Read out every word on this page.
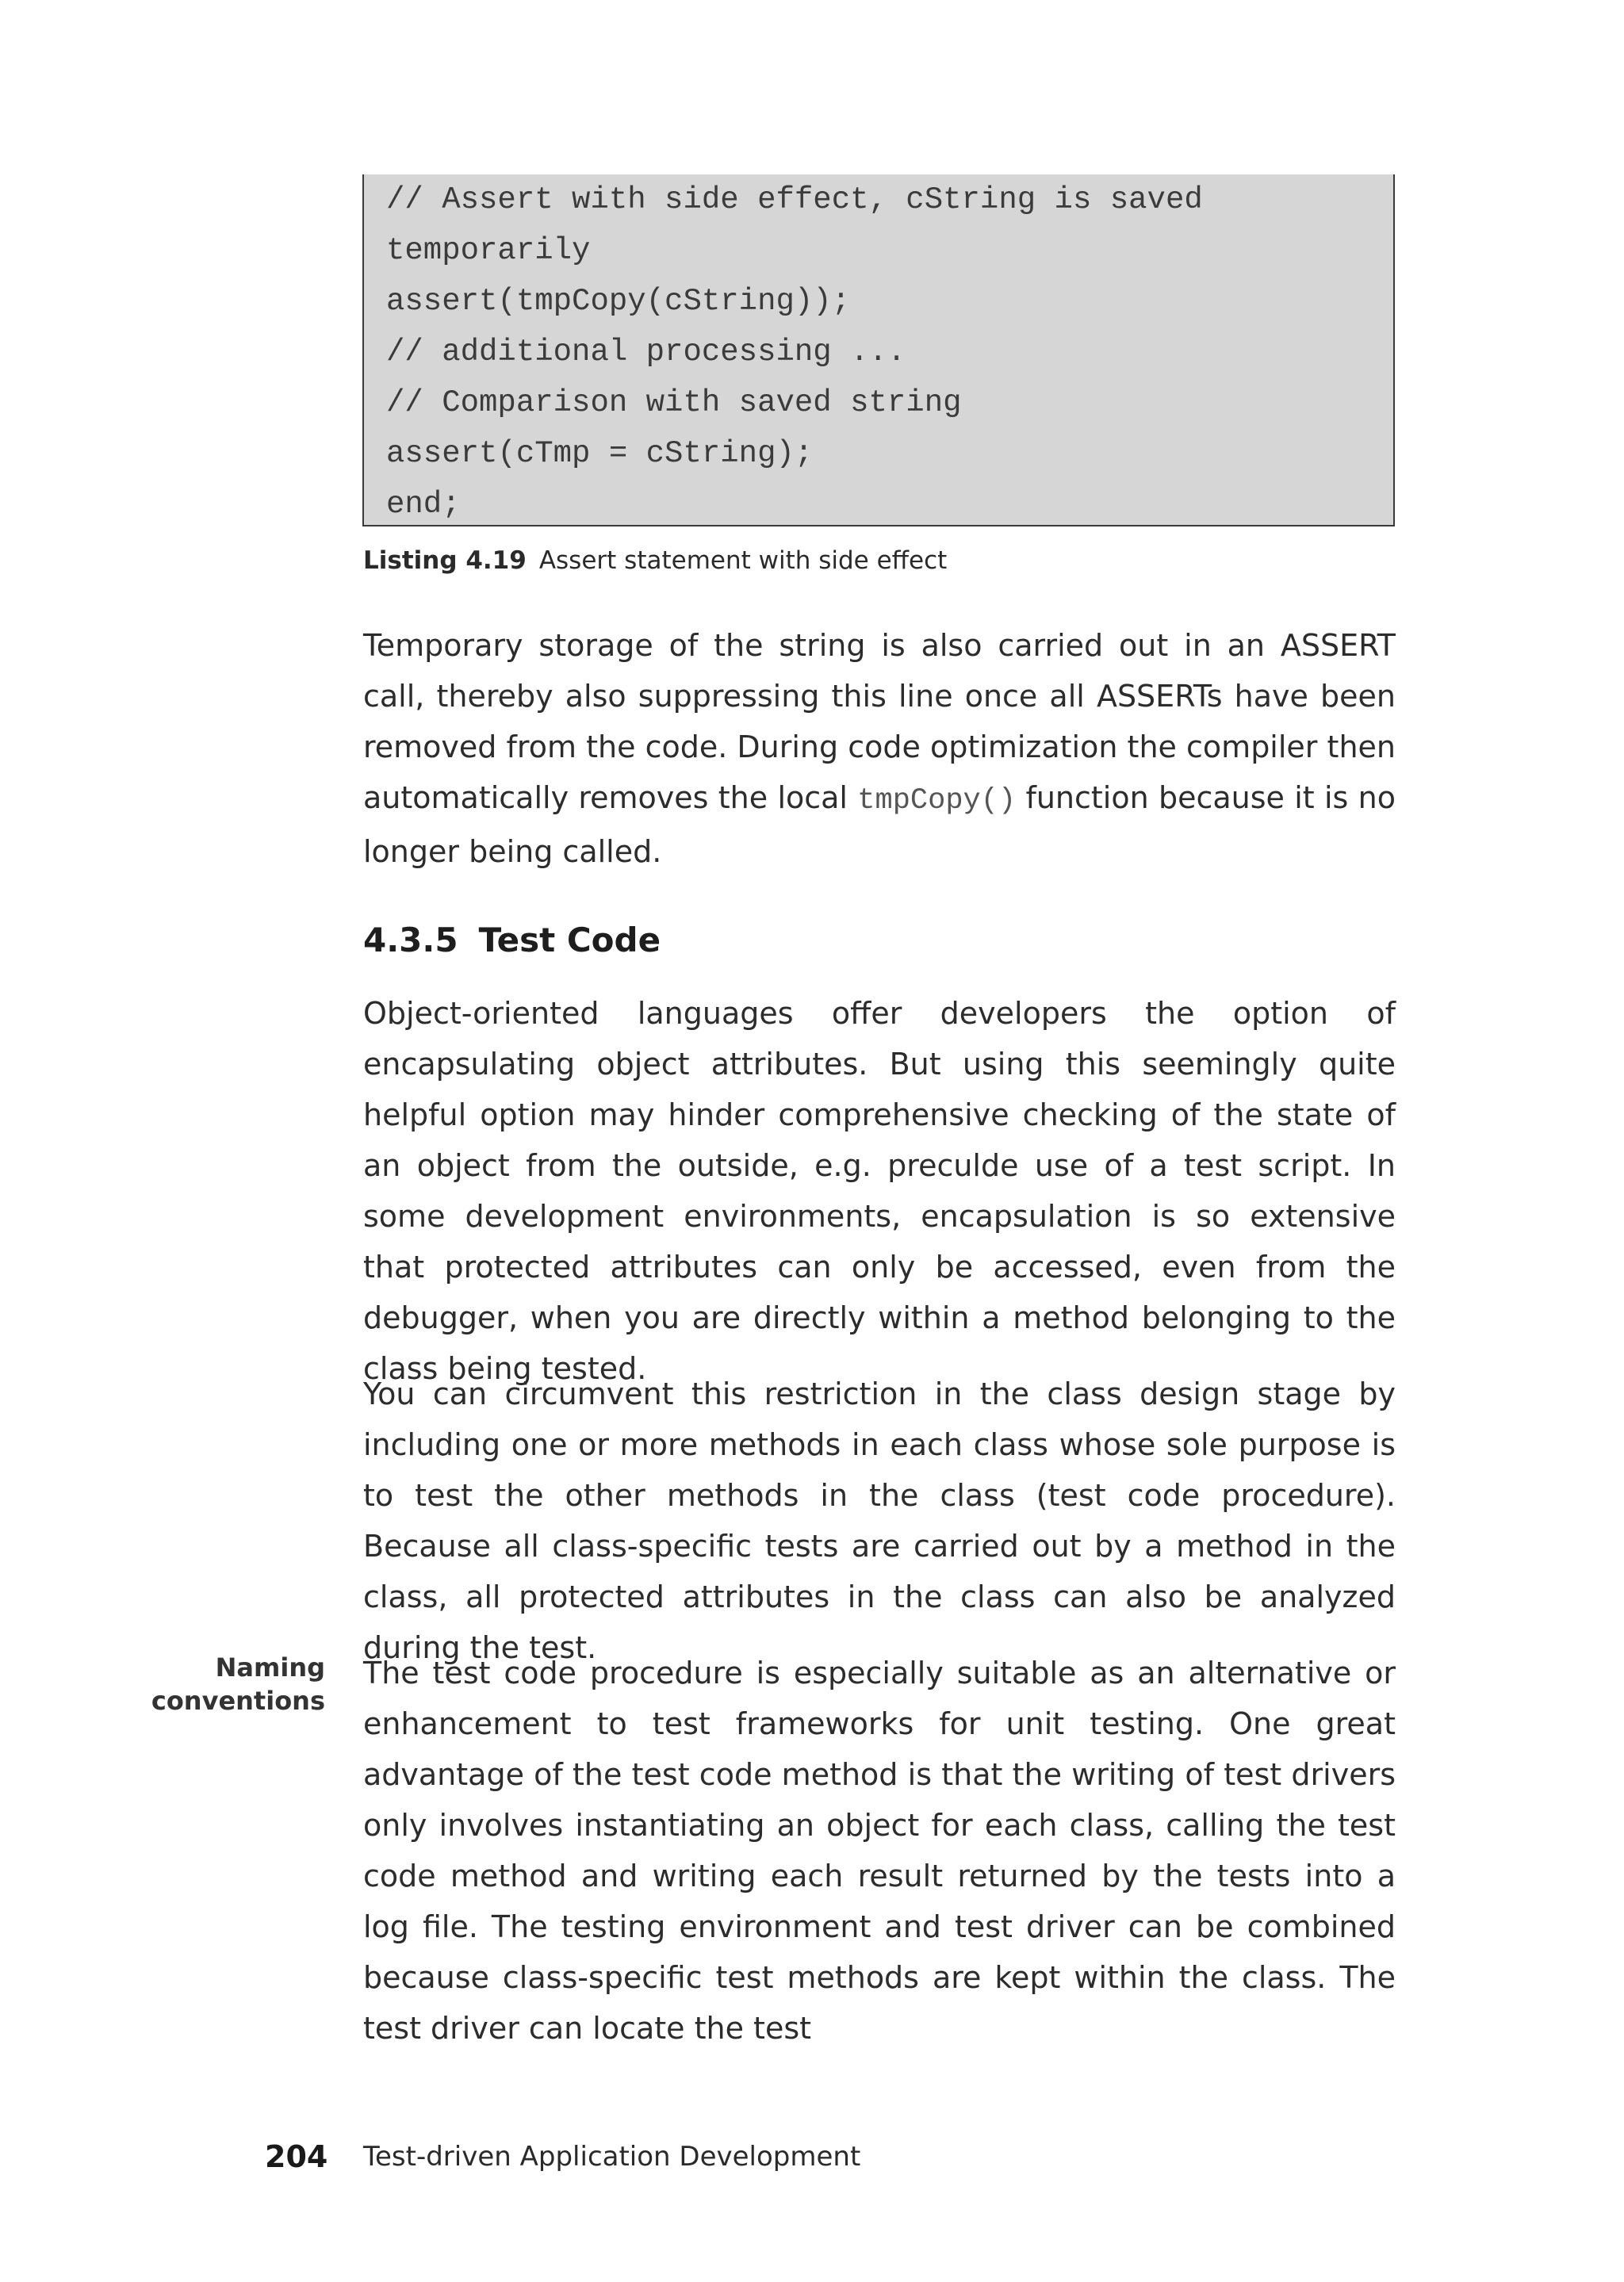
// Assert with side effect, cString is saved
temporarily
assert(tmpCopy(cString));
// additional processing ...
// Comparison with saved string
assert(cTmp = cString);
end;
Listing 4.19 Assert statement with side effect

Temporary storage of the string is also carried out in an ASSERT call, thereby also suppressing this line once all ASSERTs have been removed from the code. During code optimization the compiler then automatically removes the local tmpCopy() function because it is no longer being called.

4.3.5 Test Code

Object-oriented languages offer developers the option of encapsulating object attributes. But using this seemingly quite helpful option may hinder comprehensive checking of the state of an object from the outside, e.g. preculde use of a test script. In some development environments, encapsulation is so extensive that protected attributes can only be accessed, even from the debugger, when you are directly within a method belonging to the class being tested.

You can circumvent this restriction in the class design stage by including one or more methods in each class whose sole purpose is to test the other methods in the class (test code procedure). Because all class-specific tests are carried out by a method in the class, all protected attributes in the class can also be analyzed during the test.

Naming
conventions

The test code procedure is especially suitable as an alternative or enhancement to test frameworks for unit testing. One great advantage of the test code method is that the writing of test drivers only involves instantiating an object for each class, calling the test code method and writing each result returned by the tests into a log file. The testing environment and test driver can be combined because class-specific test methods are kept within the class. The test driver can locate the test

204 Test-driven Application Development
